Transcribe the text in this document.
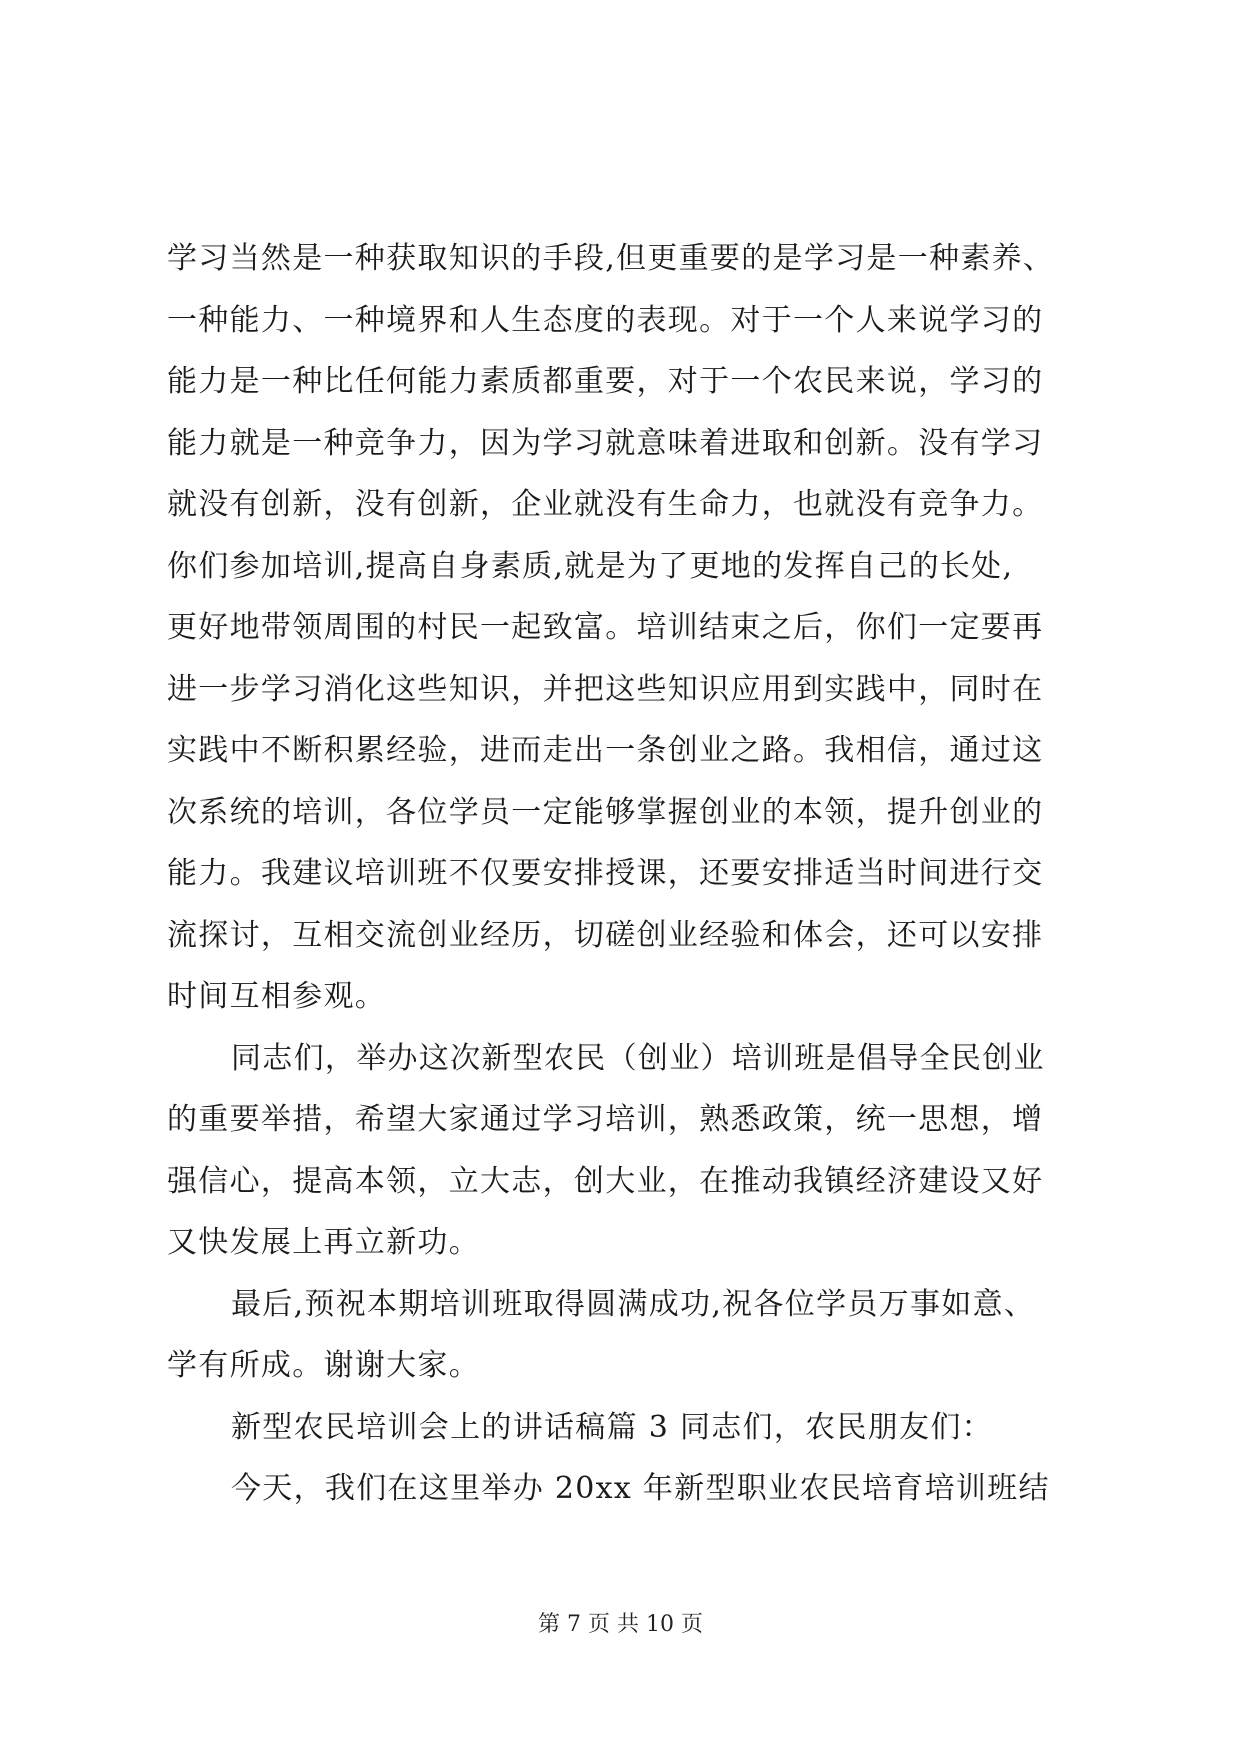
学习当然是一种获取知识的手段,但更重要的是学习是一种素养、
一种能力、一种境界和人生态度的表现。对于一个人来说学习的
能力是一种比任何能力素质都重要，对于一个农民来说，学习的
能力就是一种竞争力，因为学习就意味着进取和创新。没有学习
就没有创新，没有创新，企业就没有生命力，也就没有竞争力。
你们参加培训,提高自身素质,就是为了更地的发挥自己的长处,
更好地带领周围的村民一起致富。培训结束之后，你们一定要再
进一步学习消化这些知识，并把这些知识应用到实践中，同时在
实践中不断积累经验，进而走出一条创业之路。我相信，通过这
次系统的培训，各位学员一定能够掌握创业的本领，提升创业的
能力。我建议培训班不仅要安排授课，还要安排适当时间进行交
流探讨，互相交流创业经历，切磋创业经验和体会，还可以安排
时间互相参观。
同志们，举办这次新型农民（创业）培训班是倡导全民创业
的重要举措，希望大家通过学习培训，熟悉政策，统一思想，增
强信心，提高本领，立大志，创大业，在推动我镇经济建设又好
又快发展上再立新功。
最后,预祝本期培训班取得圆满成功,祝各位学员万事如意、
学有所成。谢谢大家。
新型农民培训会上的讲话稿篇 3 同志们，农民朋友们：
今天，我们在这里举办 20xx 年新型职业农民培育培训班结
第 7 页 共 10 页
